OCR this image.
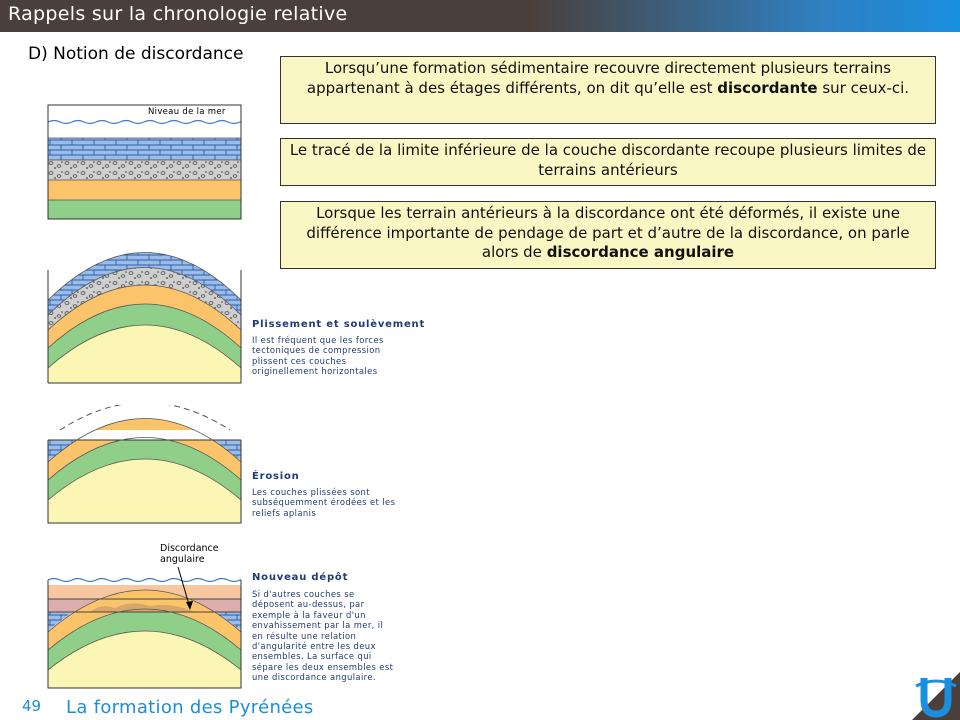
Rappels sur la chronologie relative
D) Notion de discordance
Lorsqu’une formation sédimentaire recouvre directement plusieurs terrains appartenant à des étages différents, on dit qu’elle est discordante sur ceux-ci.
Le tracé de la limite inférieure de la couche discordante recoupe plusieurs limites de terrains antérieurs
Lorsque les terrain antérieurs à la discordance ont été déformés, il existe une différence importante de pendage de part et d’autre de la discordance, on parle alors de discordance angulaire
Niveau de la mer
Discordance
angulaire
Plissement et soulèvement
Il est fréquent que les forces
tectoniques de compression
plissent ces couches
originellement horizontales
Érosion
Les couches plissées sont
subséquemment érodées et les
reliefs aplanis
Nouveau dépôt
Si d'autres couches se
déposent au-dessus, par
exemple à la faveur d'un
envahissement par la mer, il
en résulte une relation
d'angularité entre les deux
ensembles. La surface qui
sépare les deux ensembles est
une discordance angulaire.
49 La formation des Pyrénées
